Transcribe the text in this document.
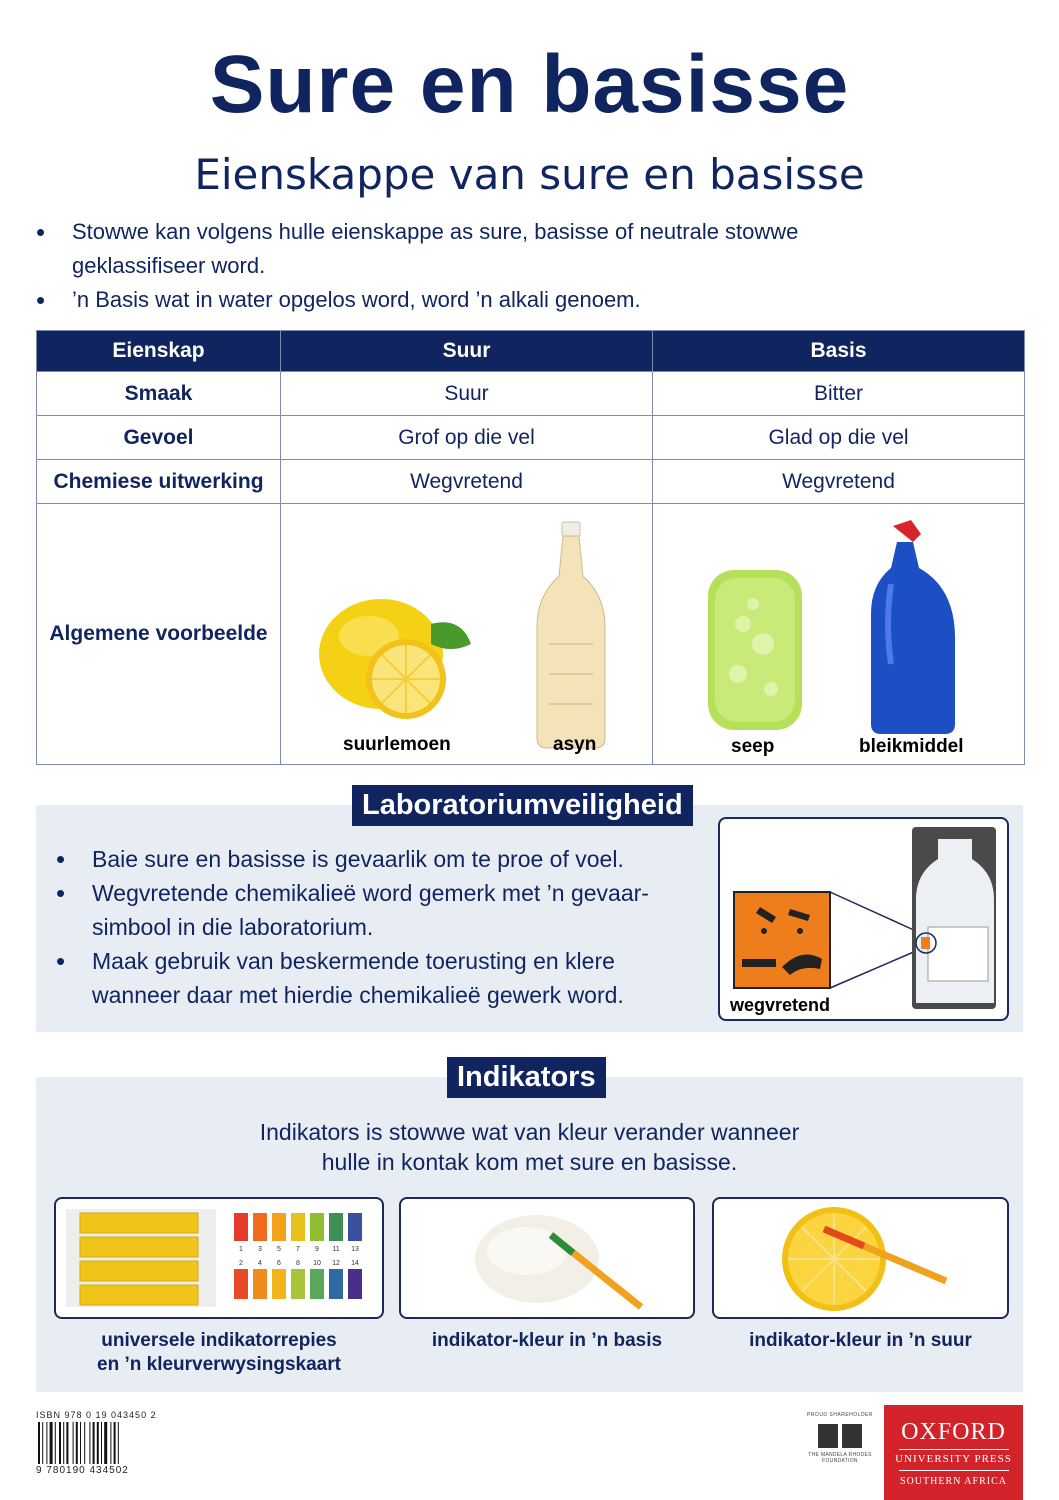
Sure en basisse
Eienskappe van sure en basisse
• Stowwe kan volgens hulle eienskappe as sure, basisse of neutrale stowwe geklassifiseer word.
• ’n Basis wat in water opgelos word, word ’n alkali genoem.
Eienskap	Suur	Basis
Smaak	Suur	Bitter
Gevoel	Grof op die vel	Glad op die vel
Chemiese uitwerking	Wegvretend	Wegvretend
Algemene voorbeelde	suurlemoen asyn	seep bleikmiddel
• Baie sure en basisse is gevaarlik om te proe of voel.
• Wegvretende chemikalieë word gemerk met ’n gevaar-simbool in die laboratorium.
• Maak gebruik van beskermende toerusting en klere wanneer daar met hierdie chemikalieë gewerk word.	wegvretend
Laboratoriumveiligheid
Indikators is stowwe wat van kleur verander wanneer
hulle in kontak kom met sure en basisse.
1
2
3
4
5
6
7
8
9
10
11
12
13
14
universele indikatorrepies
en ’n kleurverwysingskaart
indikator-kleur in ’n basis	indikator-kleur in ’n suur
Indikators
ISBN 978 0 19 043450 2
9 780190 434502
PROUD SHAREHOLDER
THE MANDELA RHODES FOUNDATION
OXFORD
UNIVERSITY PRESS
SOUTHERN AFRICA
